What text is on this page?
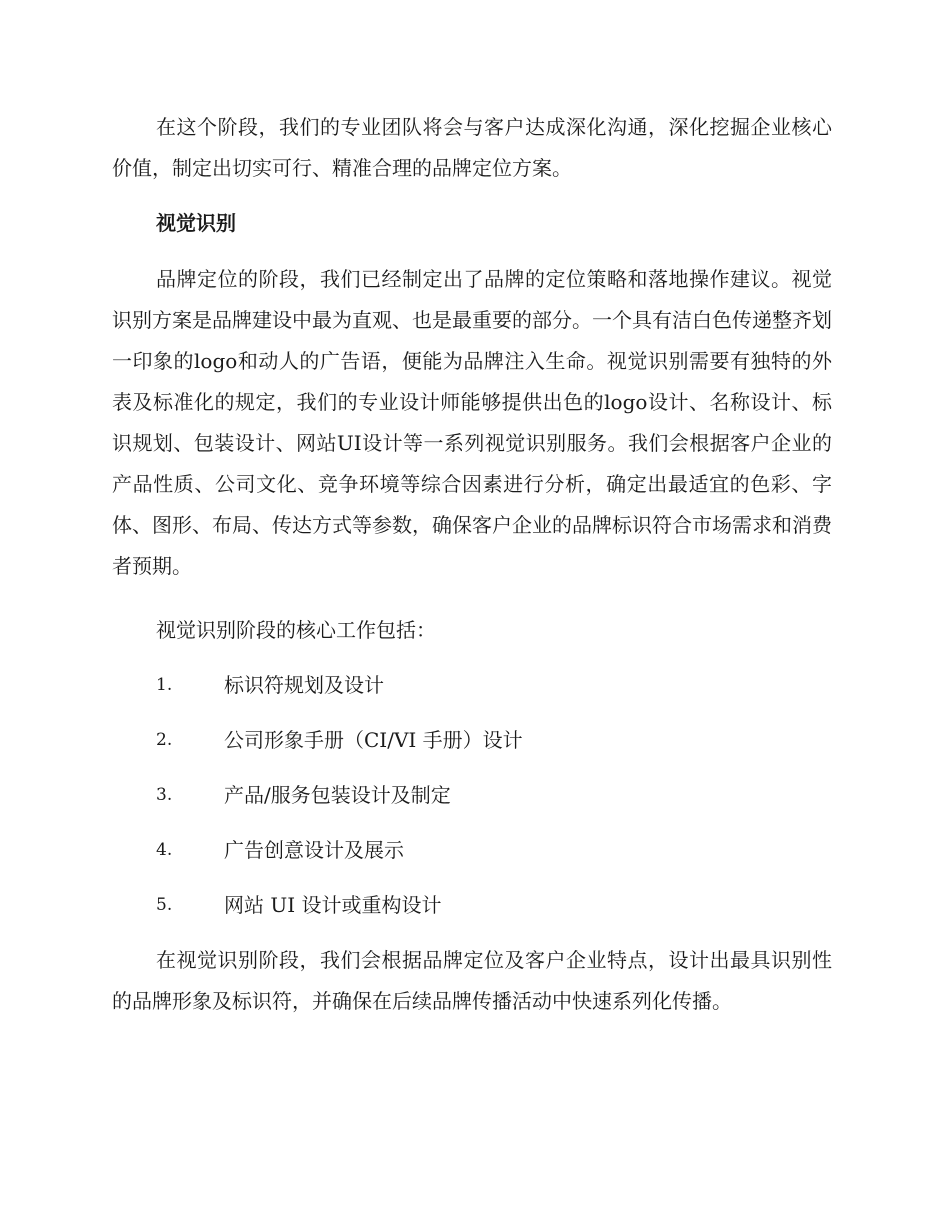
在这个阶段，我们的专业团队将会与客户达成深化沟通，深化挖掘企业核心价值，制定出切实可行、精准合理的品牌定位方案。

视觉识别

品牌定位的阶段，我们已经制定出了品牌的定位策略和落地操作建议。视觉识别方案是品牌建设中最为直观、也是最重要的部分。一个具有洁白色传递整齐划一印象的logo和动人的广告语，便能为品牌注入生命。视觉识别需要有独特的外表及标准化的规定，我们的专业设计师能够提供出色的logo设计、名称设计、标识规划、包装设计、网站UI设计等一系列视觉识别服务。我们会根据客户企业的产品性质、公司文化、竞争环境等综合因素进行分析，确定出最适宜的色彩、字体、图形、布局、传达方式等参数，确保客户企业的品牌标识符合市场需求和消费者预期。

视觉识别阶段的核心工作包括：

1.	标识符规划及设计
2.	公司形象手册（CI/VI 手册）设计
3.	产品/服务包装设计及制定
4.	广告创意设计及展示
5.	网站 UI 设计或重构设计

在视觉识别阶段，我们会根据品牌定位及客户企业特点，设计出最具识别性的品牌形象及标识符，并确保在后续品牌传播活动中快速系列化传播。
